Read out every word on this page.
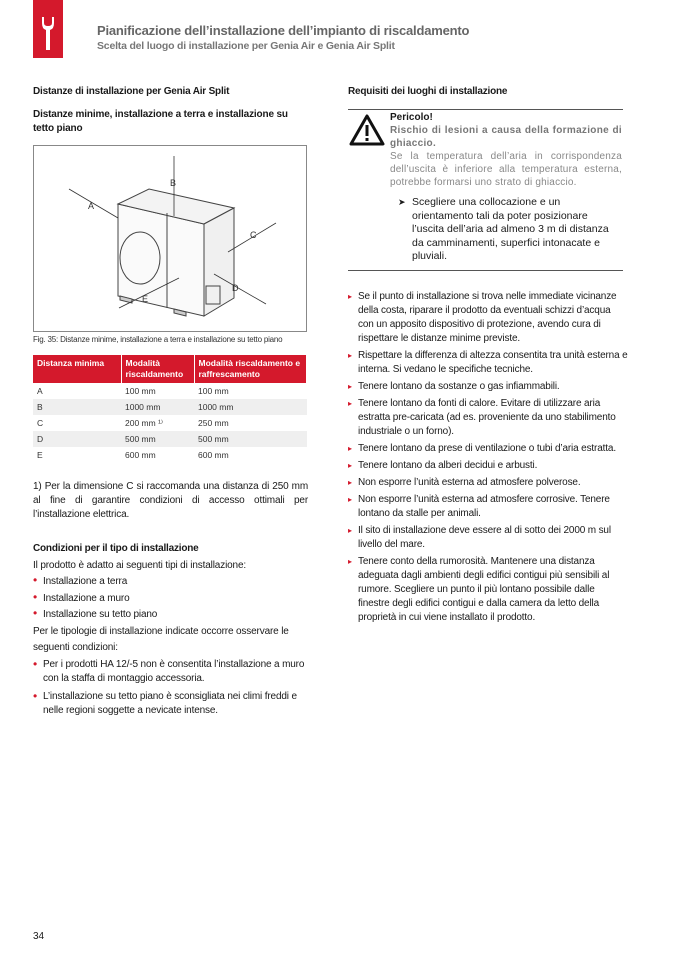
Pianificazione dell’installazione dell’impianto di riscaldamento
Scelta del luogo di installazione per Genia Air e Genia Air Split
Distanze di installazione per Genia Air Split
Distanze minime, installazione a terra e installazione su tetto piano
A
B
C
D
E
Fig. 35: Distanze minime, installazione a terra e installazione su tetto piano
Distanza minima	Modalità riscaldamento	Modalità riscaldamento e raffrescamento
A	100 mm	100 mm
B	1000 mm	1000 mm
C	200 mm ¹⁾	250 mm
D	500 mm	500 mm
E	600 mm	600 mm
1) Per la dimensione C si raccomanda una distanza di 250 mm al fine di garantire condizioni di accesso ottimali per l’installazione elettrica.
Condizioni per il tipo di installazione
Il prodotto è adatto ai seguenti tipi di installazione:
• Installazione a terra
• Installazione a muro
• Installazione su tetto piano
Per le tipologie di installazione indicate occorre osservare le seguenti condizioni:
• Per i prodotti HA 12/-5 non è consentita l’installazione a muro con la staffa di montaggio accessoria.
• L’installazione su tetto piano è sconsigliata nei climi freddi e nelle regioni soggette a nevicate intense.
Requisiti dei luoghi di installazione
Pericolo!
Rischio di lesioni a causa della formazione di ghiaccio.
Se la temperatura dell’aria in corrispondenza dell’uscita è inferiore alla temperatura esterna, potrebbe formarsi uno strato di ghiaccio.
➤ Scegliere una collocazione e un orientamento tali da poter posizionare l’uscita dell’aria ad almeno 3 m di distanza da camminamenti, superfici intonacate e pluviali.
▸ Se il punto di installazione si trova nelle immediate vicinanze della costa, riparare il prodotto da eventuali schizzi d’acqua con un apposito dispositivo di protezione, avendo cura di rispettare le distanze minime previste.
▸ Rispettare la differenza di altezza consentita tra unità esterna e interna. Si vedano le specifiche tecniche.
▸ Tenere lontano da sostanze o gas infiammabili.
▸ Tenere lontano da fonti di calore. Evitare di utilizzare aria estratta pre-caricata (ad es. proveniente da uno stabilimento industriale o un forno).
▸ Tenere lontano da prese di ventilazione o tubi d’aria estratta.
▸ Tenere lontano da alberi decidui e arbusti.
▸ Non esporre l’unità esterna ad atmosfere polverose.
▸ Non esporre l’unità esterna ad atmosfere corrosive. Tenere lontano da stalle per animali.
▸ Il sito di installazione deve essere al di sotto dei 2000 m sul livello del mare.
▸ Tenere conto della rumorosità. Mantenere una distanza adeguata dagli ambienti degli edifici contigui più sensibili al rumore. Scegliere un punto il più lontano possibile dalle finestre degli edifici contigui e dalla camera da letto della proprietà in cui viene installato il prodotto.
34
